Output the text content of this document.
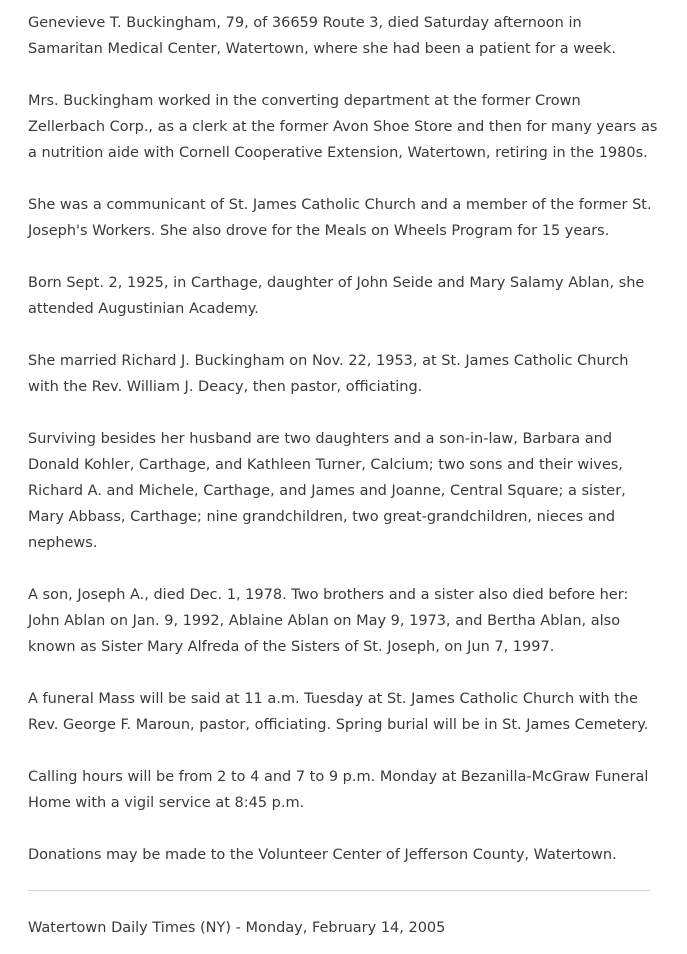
Genevieve T. Buckingham, 79, of 36659 Route 3, died Saturday afternoon in Samaritan Medical Center, Watertown, where she had been a patient for a week.

Mrs. Buckingham worked in the converting department at the former Crown Zellerbach Corp., as a clerk at the former Avon Shoe Store and then for many years as a nutrition aide with Cornell Cooperative Extension, Watertown, retiring in the 1980s.

She was a communicant of St. James Catholic Church and a member of the former St. Joseph's Workers. She also drove for the Meals on Wheels Program for 15 years.

Born Sept. 2, 1925, in Carthage, daughter of John Seide and Mary Salamy Ablan, she attended Augustinian Academy.

She married Richard J. Buckingham on Nov. 22, 1953, at St. James Catholic Church with the Rev. William J. Deacy, then pastor, officiating.

Surviving besides her husband are two daughters and a son-in-law, Barbara and Donald Kohler, Carthage, and Kathleen Turner, Calcium; two sons and their wives, Richard A. and Michele, Carthage, and James and Joanne, Central Square; a sister, Mary Abbass, Carthage; nine grandchildren, two great-grandchildren, nieces and nephews.

A son, Joseph A., died Dec. 1, 1978. Two brothers and a sister also died before her: John Ablan on Jan. 9, 1992, Ablaine Ablan on May 9, 1973, and Bertha Ablan, also known as Sister Mary Alfreda of the Sisters of St. Joseph, on Jun 7, 1997.

A funeral Mass will be said at 11 a.m. Tuesday at St. James Catholic Church with the Rev. George F. Maroun, pastor, officiating. Spring burial will be in St. James Cemetery.

Calling hours will be from 2 to 4 and 7 to 9 p.m. Monday at Bezanilla-McGraw Funeral Home with a vigil service at 8:45 p.m.

Donations may be made to the Volunteer Center of Jefferson County, Watertown.

Watertown Daily Times (NY) - Monday, February 14, 2005
